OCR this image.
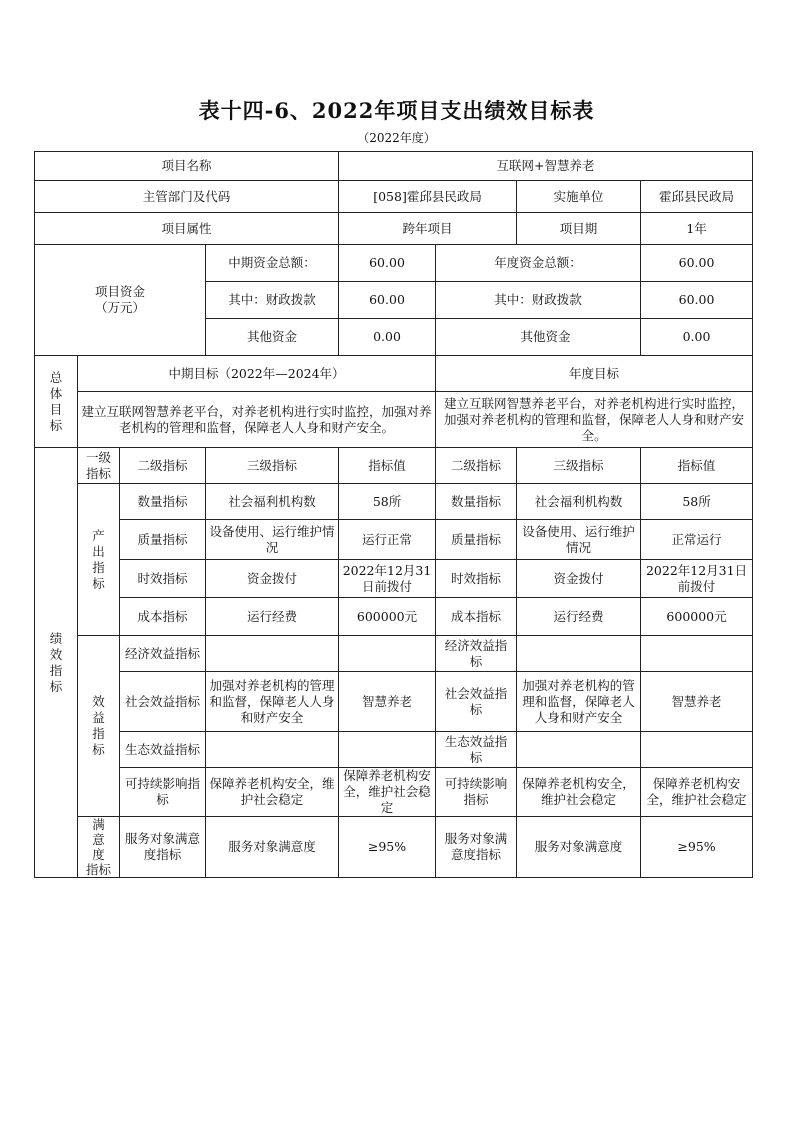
表十四-6、2022年项目支出绩效目标表
（2022年度）
项目名称				互联网+智慧养老			
主管部门及代码				[058]霍邱县民政局		实施单位	霍邱县民政局
项目属性				跨年项目		项目期	1年

项目资金
（万元）			中期资金总额：	60.00	年度资金总额：		60.00
			其中：财政拨款	60.00	其中：财政拨款		60.00
			其他资金	0.00	其他资金		0.00

总
体
目
标	中期目标（2022年—2024年）				年度目标		
	建立互联网智慧养老平台，对养老机构进行实时监控，加强对养老机构的管理和监督，保障老人人身和财产安全。				建立互联网智慧养老平台，对养老机构进行实时监控，加强对养老机构的管理和监督，保障老人人身和财产安全。		

绩
效
指
标	一级指标	二级指标	三级指标	指标值	二级指标	三级指标	指标值

	产
出
指
标	数量指标	社会福利机构数	58所	数量指标	社会福利机构数	58所
		质量指标	设备使用、运行维护情况	运行正常	质量指标	设备使用、运行维护情况	正常运行
		时效指标	资金拨付	2022年12月31日前拨付	时效指标	资金拨付	2022年12月31日前拨付
		成本指标	运行经费	600000元	成本指标	运行经费	600000元

	效
益
指
标	经济效益指标			经济效益指标		
		社会效益指标	加强对养老机构的管理和监督，保障老人人身和财产安全	智慧养老	社会效益指标	加强对养老机构的管理和监督，保障老人人身和财产安全	智慧养老
		生态效益指标			生态效益指标		
		可持续影响指标	保障养老机构安全，维护社会稳定	保障养老机构安全，维护社会稳定	可持续影响指标	保障养老机构安全，维护社会稳定	保障养老机构安全，维护社会稳定

	满
意
度
指标	服务对象满意度指标	服务对象满意度	≥95%	服务对象满意度指标	服务对象满意度	≥95%
